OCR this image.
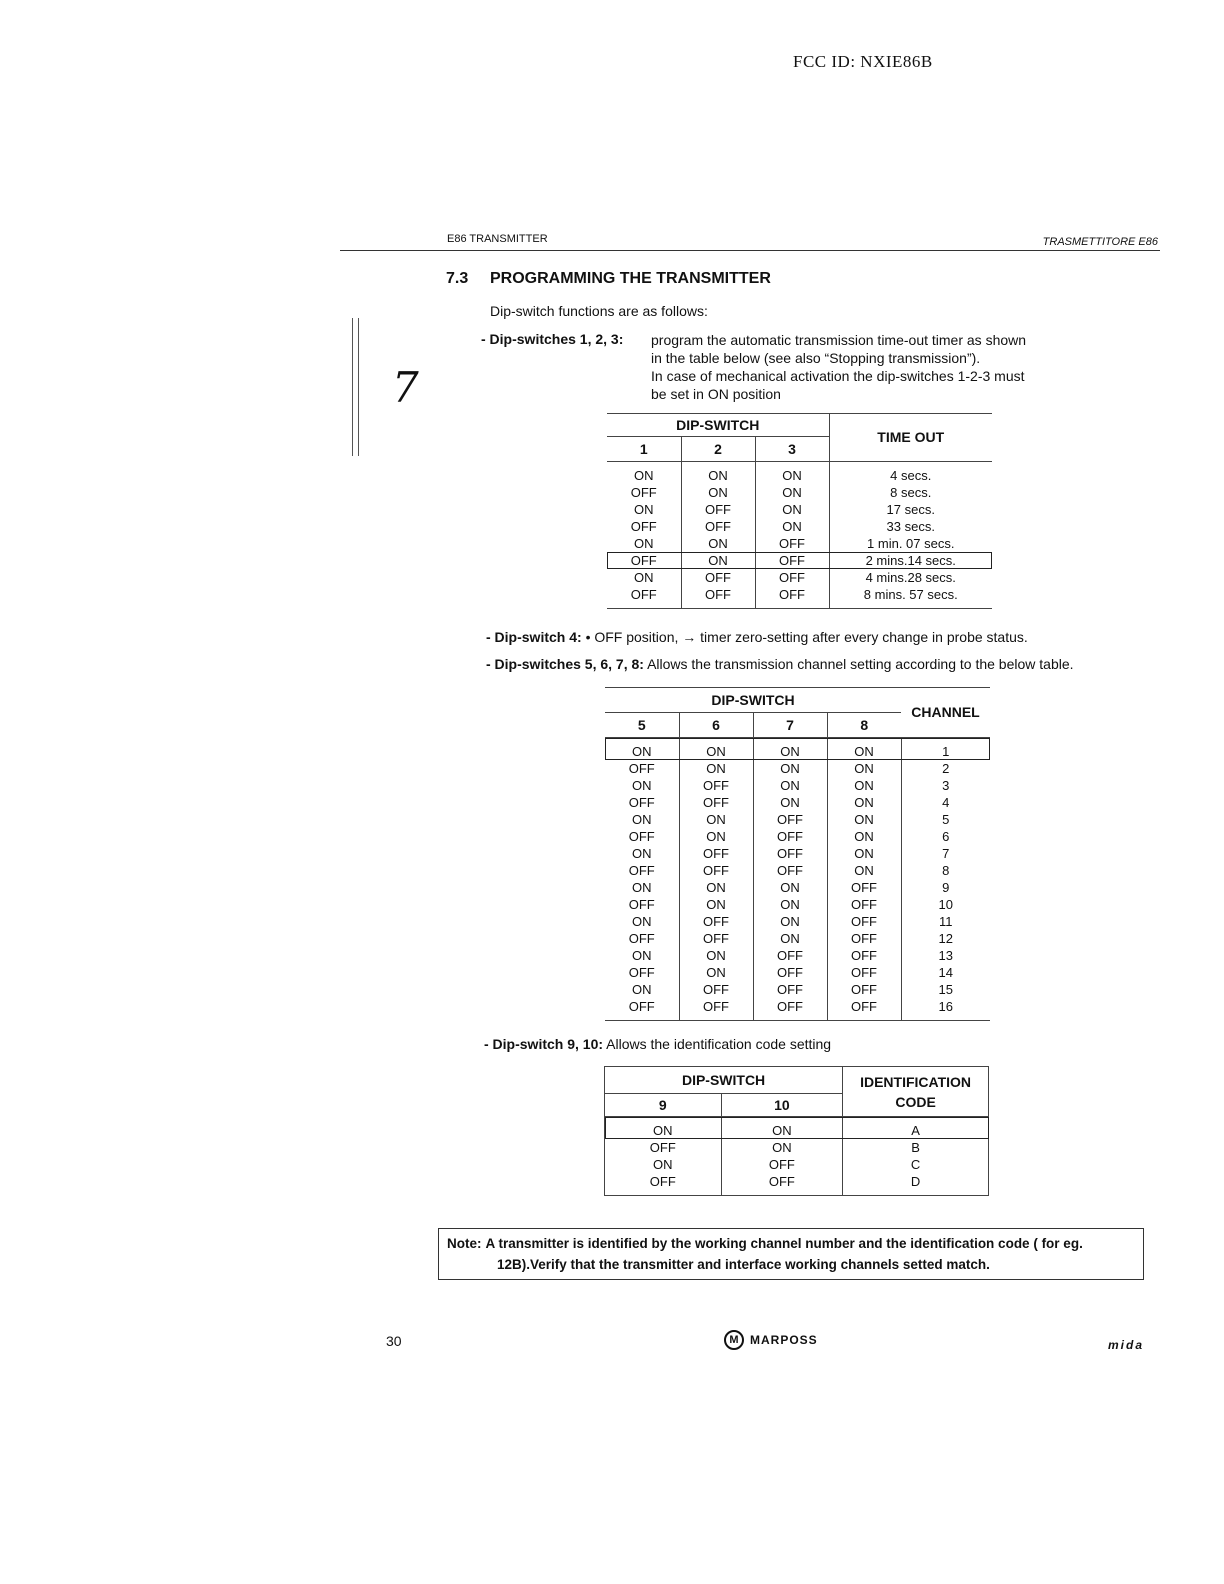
FCC ID: NXIE86B
E86 TRANSMITTER	TRASMETTITORE E86
7
7.3 PROGRAMMING THE TRANSMITTER
Dip-switch functions are as follows:
- Dip-switches 1, 2, 3: program the automatic transmission time-out timer as shown
in the table below (see also “Stopping transmission”).
In case of mechanical activation the dip-switches 1-2-3 must
be set in ON position
DIP-SWITCH			TIME OUT
1	2	3	
ON	ON	ON	4 secs.
OFF	ON	ON	8 secs.
ON	OFF	ON	17 secs.
OFF	OFF	ON	33 secs.
ON	ON	OFF	1 min. 07 secs.
OFF	ON	OFF	2 mins.14 secs.
ON	OFF	OFF	4 mins.28 secs.
OFF	OFF	OFF	8 mins. 57 secs.
- Dip-switch 4: • OFF position, → timer zero-setting after every change in probe status.
- Dip-switches 5, 6, 7, 8: Allows the transmission channel setting according to the below table.
DIP-SWITCH				CHANNEL
5	6	7	8	
ON	ON	ON	ON	1
OFF	ON	ON	ON	2
ON	OFF	ON	ON	3
OFF	OFF	ON	ON	4
ON	ON	OFF	ON	5
OFF	ON	OFF	ON	6
ON	OFF	OFF	ON	7
OFF	OFF	OFF	ON	8
ON	ON	ON	OFF	9
OFF	ON	ON	OFF	10
ON	OFF	ON	OFF	11
OFF	OFF	ON	OFF	12
ON	ON	OFF	OFF	13
OFF	ON	OFF	OFF	14
ON	OFF	OFF	OFF	15
OFF	OFF	OFF	OFF	16
- Dip-switch 9, 10: Allows the identification code setting
DIP-SWITCH		IDENTIFICATION
CODE

9	10	
ON	ON	A
OFF	ON	B
ON	OFF	C
OFF	OFF	D
Note: A transmitter is identified by the working channel number and the identification code ( for eg.
12B).Verify that the transmitter and interface working channels setted match.
30	M MARPOSS	mida
